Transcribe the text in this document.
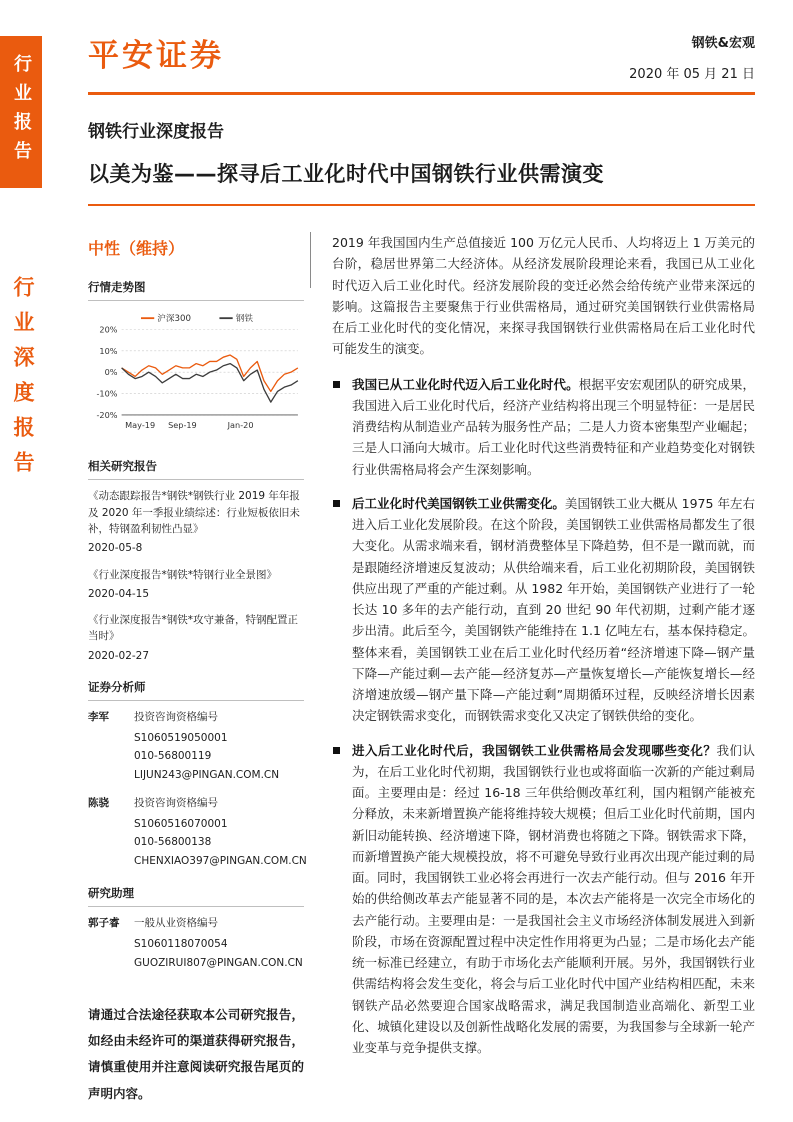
行业报告
行业深度报告
平安证券	钢铁&宏观
2020 年 05 月 21 日
钢铁行业深度报告
以美为鉴——探寻后工业化时代中国钢铁行业供需演变
中性（维持）
行情走势图
20%
10%
0%
-10%
-20%
May-19 Sep-19	Jan-20
沪深300	钢铁
相关研究报告
《动态跟踪报告*钢铁*钢铁行业 2019 年年报及 2020 年一季报业绩综述：行业短板依旧未补，特钢盈利韧性凸显》
2020-05-8
《行业深度报告*钢铁*特钢行业全景图》
2020-04-15
《行业深度报告*钢铁*攻守兼备，特钢配置正当时》
2020-02-27
证券分析师
李军	投资咨询资格编号
S1060519050001
010-56800119
LIJUN243@PINGAN.COM.CN
陈骁	投资咨询资格编号
S1060516070001
010-56800138
CHENXIAO397@PINGAN.COM.CN
研究助理
郭子睿	一般从业资格编号
S1060118070054
GUOZIRUI807@PINGAN.CON.CN

请通过合法途径获取本公司研究报告，如经由未经许可的渠道获得研究报告，请慎重使用并注意阅读研究报告尾页的声明内容。

2019 年我国国内生产总值接近 100 万亿元人民币、人均将迈上 1 万美元的台阶，稳居世界第二大经济体。从经济发展阶段理论来看，我国已从工业化时代迈入后工业化时代。经济发展阶段的变迁必然会给传统产业带来深远的影响。这篇报告主要聚焦于行业供需格局，通过研究美国钢铁行业供需格局在后工业化时代的变化情况，来探寻我国钢铁行业供需格局在后工业化时代可能发生的演变。

我国已从工业化时代迈入后工业化时代。根据平安宏观团队的研究成果，我国进入后工业化时代后，经济产业结构将出现三个明显特征：一是居民消费结构从制造业产品转为服务性产品；二是人力资本密集型产业崛起；三是人口涌向大城市。后工业化时代这些消费特征和产业趋势变化对钢铁行业供需格局将会产生深刻影响。

后工业化时代美国钢铁工业供需变化。美国钢铁工业大概从 1975 年左右进入后工业化发展阶段。在这个阶段，美国钢铁工业供需格局都发生了很大变化。从需求端来看，钢材消费整体呈下降趋势，但不是一蹴而就，而是跟随经济增速反复波动；从供给端来看，后工业化初期阶段，美国钢铁供应出现了严重的产能过剩。从 1982 年开始，美国钢铁产业进行了一轮长达 10 多年的去产能行动，直到 20 世纪 90 年代初期，过剩产能才逐步出清。此后至今，美国钢铁产能维持在 1.1 亿吨左右，基本保持稳定。整体来看，美国钢铁工业在后工业化时代经历着“经济增速下降—钢产量下降—产能过剩—去产能—经济复苏—产量恢复增长—产能恢复增长—经济增速放缓—钢产量下降—产能过剩”周期循环过程，反映经济增长因素决定钢铁需求变化，而钢铁需求变化又决定了钢铁供给的变化。

进入后工业化时代后，我国钢铁工业供需格局会发现哪些变化？我们认为，在后工业化时代初期，我国钢铁行业也或将面临一次新的产能过剩局面。主要理由是：经过 16-18 三年供给侧改革红利，国内粗钢产能被充分释放，未来新增置换产能将维持较大规模；但后工业化时代前期，国内新旧动能转换、经济增速下降，钢材消费也将随之下降。钢铁需求下降，而新增置换产能大规模投放，将不可避免导致行业再次出现产能过剩的局面。同时，我国钢铁工业必将会再进行一次去产能行动。但与 2016 年开始的供给侧改革去产能显著不同的是，本次去产能将是一次完全市场化的去产能行动。主要理由是：一是我国社会主义市场经济体制发展进入到新阶段，市场在资源配置过程中决定性作用将更为凸显；二是市场化去产能统一标准已经建立，有助于市场化去产能顺利开展。另外，我国钢铁行业供需结构将会发生变化，将会与后工业化时代中国产业结构相匹配，未来钢铁产品必然要迎合国家战略需求，满足我国制造业高端化、新型工业化、城镇化建设以及创新性战略化发展的需要，为我国参与全球新一轮产业变革与竞争提供支撑。
